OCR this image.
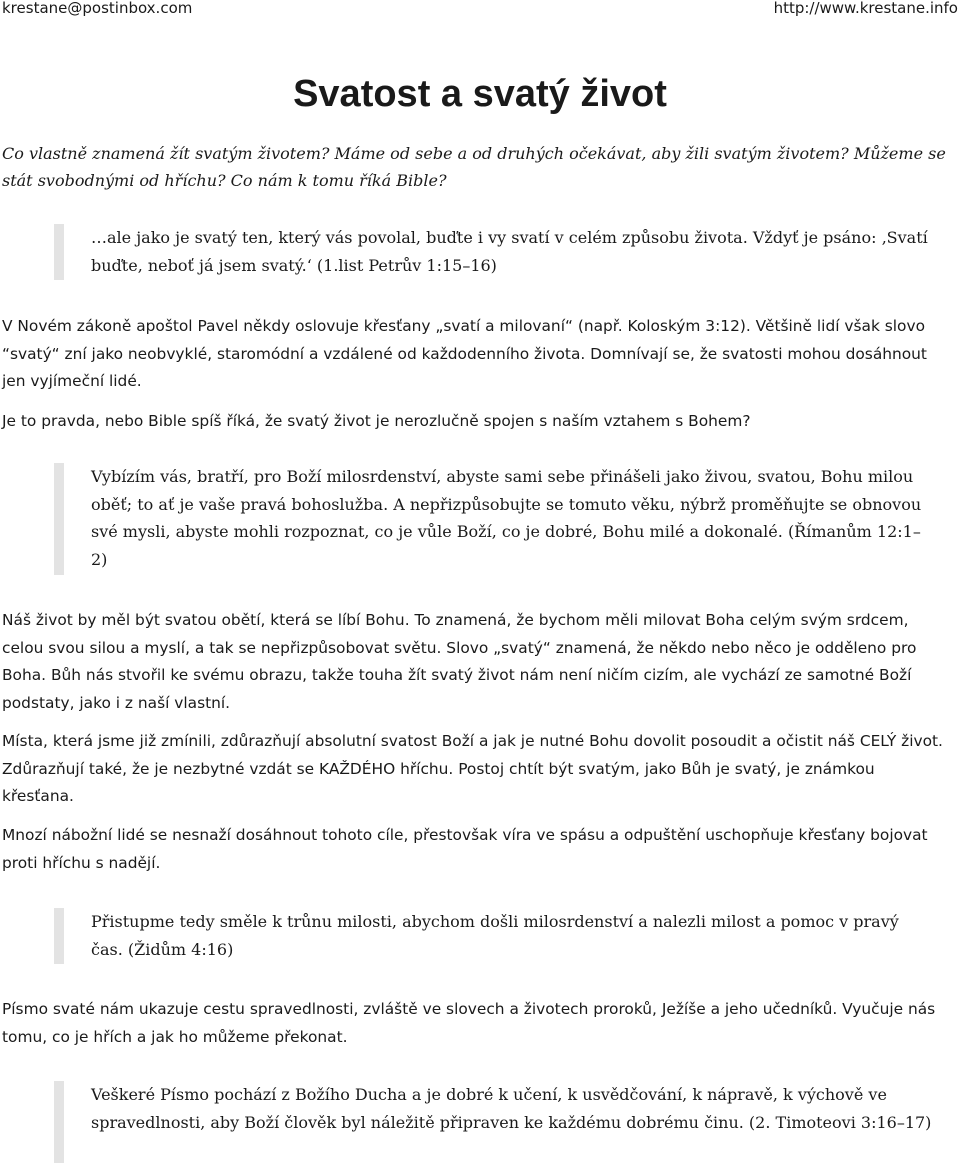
krestane@postinbox.com	http://www.krestane.info
Svatost a svatý život
Co vlastně znamená žít svatým životem? Máme od sebe a od druhých očekávat, aby žili svatým životem? Můžeme se stát svobodnými od hříchu? Co nám k tomu říká Bible?
…ale jako je svatý ten, který vás povolal, buďte i vy svatí v celém způsobu života. Vždyť je psáno: ‚Svatí buďte, neboť já jsem svatý.‘ (1.list Petrův 1:15–16)
V Novém zákoně apoštol Pavel někdy oslovuje křesťany „svatí a milovaní“ (např. Koloským 3:12). Většině lidí však slovo “svatý“ zní jako neobvyklé, staromódní a vzdálené od každodenního života. Domnívají se, že svatosti mohou dosáhnout jen vyjímeční lidé.
Je to pravda, nebo Bible spíš říká, že svatý život je nerozlučně spojen s naším vztahem s Bohem?
Vybízím vás, bratří, pro Boží milosrdenství, abyste sami sebe přinášeli jako živou, svatou, Bohu milou oběť; to ať je vaše pravá bohoslužba. A nepřizpůsobujte se tomuto věku, nýbrž proměňujte se obnovou své mysli, abyste mohli rozpoznat, co je vůle Boží, co je dobré, Bohu milé a dokonalé. (Římanům 12:1–2)
Náš život by měl být svatou obětí, která se líbí Bohu. To znamená, že bychom měli milovat Boha celým svým srdcem, celou svou silou a myslí, a tak se nepřizpůsobovat světu. Slovo „svatý“ znamená, že někdo nebo něco je odděleno pro Boha. Bůh nás stvořil ke svému obrazu, takže touha žít svatý život nám není ničím cizím, ale vychází ze samotné Boží podstaty, jako i z naší vlastní.
Místa, která jsme již zmínili, zdůrazňují absolutní svatost Boží a jak je nutné Bohu dovolit posoudit a očistit náš CELÝ život. Zdůrazňují také, že je nezbytné vzdát se KAŽDÉHO hříchu. Postoj chtít být svatým, jako Bůh je svatý, je známkou křesťana.
Mnozí nábožní lidé se nesnaží dosáhnout tohoto cíle, přestovšak víra ve spásu a odpuštění uschopňuje křesťany bojovat proti hříchu s nadějí.
Přistupme tedy směle k trůnu milosti, abychom došli milosrdenství a nalezli milost a pomoc v pravý čas. (Židům 4:16)
Písmo svaté nám ukazuje cestu spravedlnosti, zvláště ve slovech a životech proroků, Ježíše a jeho učedníků. Vyučuje nás tomu, co je hřích a jak ho můžeme překonat.
Veškeré Písmo pochází z Božího Ducha a je dobré k učení, k usvědčování, k nápravě, k výchově ve spravedlnosti, aby Boží člověk byl náležitě připraven ke každému dobrému činu. (2. Timoteovi 3:16–17)
